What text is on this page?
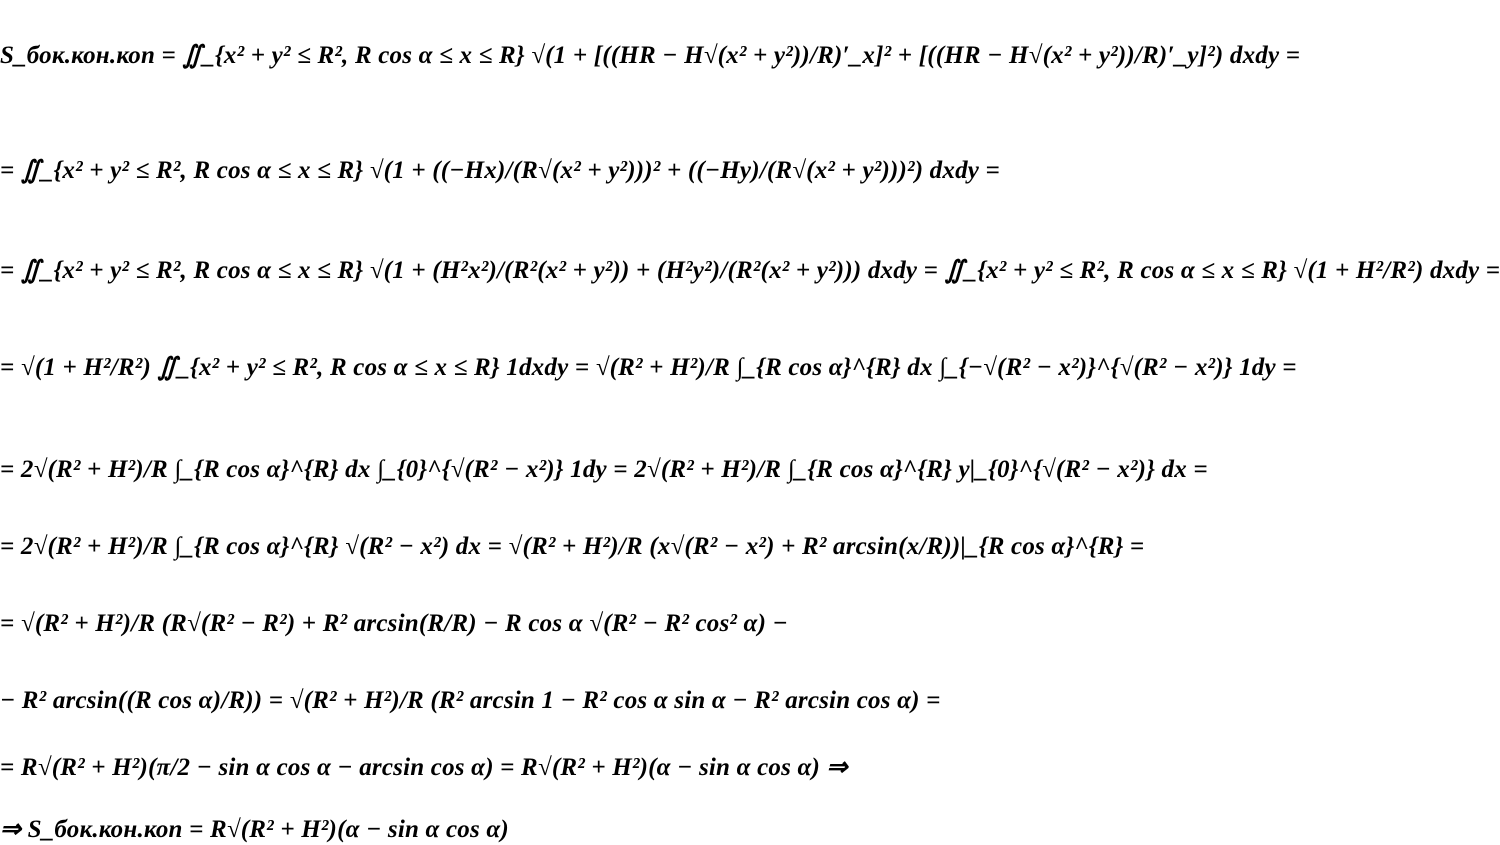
S_бок.кон.коп = ∬_{x² + y² ≤ R², R cos α ≤ x ≤ R} √(1 + [((HR − H√(x² + y²))/R)′_x]² + [((HR − H√(x² + y²))/R)′_y]²) dxdy =
= ∬_{x² + y² ≤ R², R cos α ≤ x ≤ R} √(1 + ((−Hx)/(R√(x² + y²)))² + ((−Hy)/(R√(x² + y²)))²) dxdy =
= ∬_{x² + y² ≤ R², R cos α ≤ x ≤ R} √(1 + (H²x²)/(R²(x² + y²)) + (H²y²)/(R²(x² + y²))) dxdy = ∬_{x² + y² ≤ R², R cos α ≤ x ≤ R} √(1 + H²/R²) dxdy =
= √(1 + H²/R²) ∬_{x² + y² ≤ R², R cos α ≤ x ≤ R} 1dxdy = √(R² + H²)/R ∫_{R cos α}^{R} dx ∫_{−√(R² − x²)}^{√(R² − x²)} 1dy =
= 2√(R² + H²)/R ∫_{R cos α}^{R} dx ∫_{0}^{√(R² − x²)} 1dy = 2√(R² + H²)/R ∫_{R cos α}^{R} y|_{0}^{√(R² − x²)} dx =
= 2√(R² + H²)/R ∫_{R cos α}^{R} √(R² − x²) dx = √(R² + H²)/R (x√(R² − x²) + R² arcsin(x/R))|_{R cos α}^{R} =
= √(R² + H²)/R (R√(R² − R²) + R² arcsin(R/R) − R cos α √(R² − R² cos² α) −
− R² arcsin((R cos α)/R)) = √(R² + H²)/R (R² arcsin 1 − R² cos α sin α − R² arcsin cos α) =
= R√(R² + H²)(π/2 − sin α cos α − arcsin cos α) = R√(R² + H²)(α − sin α cos α) ⇒
⇒ S_бок.кон.коп = R√(R² + H²)(α − sin α cos α)
